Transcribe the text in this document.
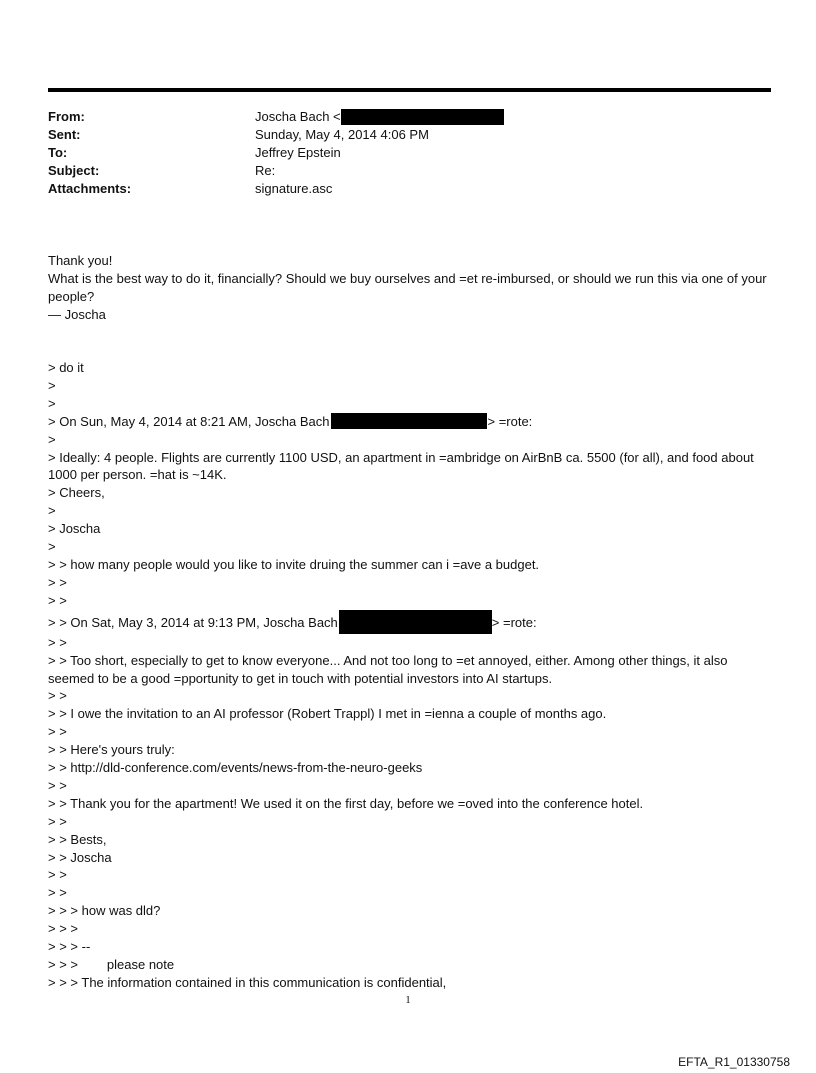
From:	Joscha Bach <
Sent:	Sunday, May 4, 2014 4:06 PM
To:	Jeffrey Epstein
Subject:	Re:
Attachments:	signature.asc

Thank you!

What is the best way to do it, financially? Should we buy ourselves and =et re-imbursed, or should we run this via one of your people?

— Joscha

> do it
>
>
> On Sun, May 4, 2014 at 8:21 AM, Joscha Bach	> =rote:
>
> Ideally: 4 people. Flights are currently 1100 USD, an apartment in =ambridge on AirBnB ca. 5500 (for all), and food about 1000 per person. =hat is ~14K.
> Cheers,
>
> Joscha
>
> > how many people would you like to invite druing the summer can i =ave a budget.
> >
> >
> > On Sat, May 3, 2014 at 9:13 PM, Joscha Bach	> =rote:
> >
> > Too short, especially to get to know everyone... And not too long to =et annoyed, either. Among other things, it also seemed to be a good =pportunity to get in touch with potential investors into AI startups.
> >
> > I owe the invitation to an AI professor (Robert Trappl) I met in =ienna a couple of months ago.
> >
> > Here's yours truly:
> > http://dld-conference.com/events/news-from-the-neuro-geeks
> >
> > Thank you for the apartment! We used it on the first day, before we =oved into the conference hotel.
> >
> > Bests,
> > Joscha
> >
> >
> > > how was dld?
> > >
> > > --
> > >        please note
> > > The information contained in this communication is confidential,
1
EFTA_R1_01330758
